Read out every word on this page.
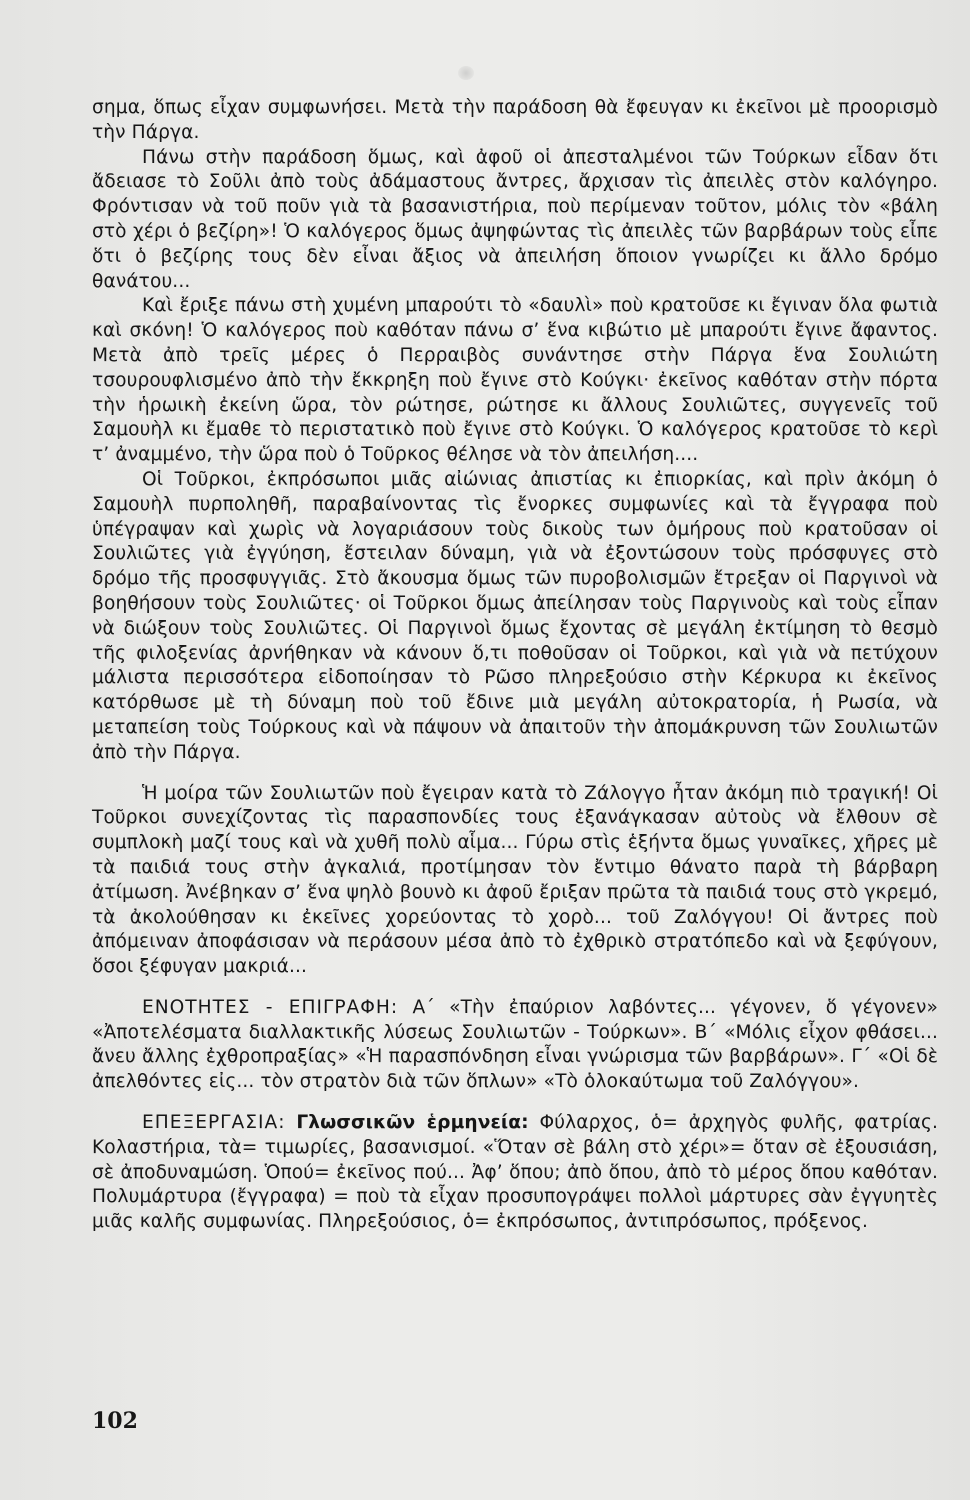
σημα, ὅπως εἶχαν συμφωνήσει. Μετὰ τὴν παράδοση θὰ ἔφευγαν κι ἐκεῖνοι μὲ προορισμὸ τὴν Πάργα.

Πάνω στὴν παράδοση ὅμως, καὶ ἀφοῦ οἱ ἀπεσταλμένοι τῶν Τούρκων εἶδαν ὅτι ἄδειασε τὸ Σοῦλι ἀπὸ τοὺς ἀδάμαστους ἄντρες, ἄρχισαν τὶς ἀπειλὲς στὸν καλόγηρο. Φρόντισαν νὰ τοῦ ποῦν γιὰ τὰ βασανιστήρια, ποὺ περίμεναν τοῦτον, μόλις τὸν «βάλη στὸ χέρι ὁ βεζίρη»! Ὁ καλόγερος ὅμως ἀψηφώντας τὶς ἀπειλὲς τῶν βαρβάρων τοὺς εἶπε ὅτι ὁ βεζίρης τους δὲν εἶναι ἄξιος νὰ ἀπειλήση ὅποιον γνωρίζει κι ἄλλο δρόμο θανάτου...

Καὶ ἔριξε πάνω στὴ χυμένη μπαρούτι τὸ «δαυλὶ» ποὺ κρατοῦσε κι ἔγιναν ὅλα φωτιὰ καὶ σκόνη! Ὁ καλόγερος ποὺ καθόταν πάνω σ’ ἕνα κιβώτιο μὲ μπαρούτι ἔγινε ἄφαντος. Μετὰ ἀπὸ τρεῖς μέρες ὁ Περραιβὸς συνάντησε στὴν Πάργα ἕνα Σουλιώτη τσουρουφλισμένο ἀπὸ τὴν ἔκκρηξη ποὺ ἔγινε στὸ Κούγκι· ἐκεῖνος καθόταν στὴν πόρτα τὴν ἡρωικὴ ἐκείνη ὥρα, τὸν ρώτησε, ρώτησε κι ἄλλους Σουλιῶτες, συγγενεῖς τοῦ Σαμουὴλ κι ἔμαθε τὸ περιστατικὸ ποὺ ἔγινε στὸ Κούγκι. Ὁ καλόγερος κρατοῦσε τὸ κερὶ τ’ ἀναμμένο, τὴν ὥρα ποὺ ὁ Τοῦρκος θέλησε νὰ τὸν ἀπειλήση....

Οἱ Τοῦρκοι, ἐκπρόσωποι μιᾶς αἰώνιας ἀπιστίας κι ἐπιορκίας, καὶ πρὶν ἀκόμη ὁ Σαμουὴλ πυρποληθῆ, παραβαίνοντας τὶς ἔνορκες συμφωνίες καὶ τὰ ἔγγραφα ποὺ ὑπέγραψαν καὶ χωρὶς νὰ λογαριάσουν τοὺς δικοὺς των ὁμήρους ποὺ κρατοῦσαν οἱ Σουλιῶτες γιὰ ἐγγύηση, ἔστειλαν δύναμη, γιὰ νὰ ἐξοντώσουν τοὺς πρόσφυγες στὸ δρόμο τῆς προσφυγγιᾶς. Στὸ ἄκουσμα ὅμως τῶν πυροβολισμῶν ἔτρεξαν οἱ Παργινοὶ νὰ βοηθήσουν τοὺς Σουλιῶτες· οἱ Τοῦρκοι ὅμως ἀπείλησαν τοὺς Παργινοὺς καὶ τοὺς εἶπαν νὰ διώξουν τοὺς Σουλιῶτες. Οἱ Παργινοὶ ὅμως ἔχοντας σὲ μεγάλη ἐκτίμηση τὸ θεσμὸ τῆς φιλοξενίας ἀρνήθηκαν νὰ κάνουν ὅ,τι ποθοῦσαν οἱ Τοῦρκοι, καὶ γιὰ νὰ πετύχουν μάλιστα περισσότερα εἰδοποίησαν τὸ Ρῶσο πληρεξούσιο στὴν Κέρκυρα κι ἐκεῖνος κατόρθωσε μὲ τὴ δύναμη ποὺ τοῦ ἔδινε μιὰ μεγάλη αὐτοκρατορία, ἡ Ρωσία, νὰ μεταπείση τοὺς Τούρκους καὶ νὰ πάψουν νὰ ἀπαιτοῦν τὴν ἀπομάκρυνση τῶν Σουλιωτῶν ἀπὸ τὴν Πάργα.

Ἡ μοίρα τῶν Σουλιωτῶν ποὺ ἔγειραν κατὰ τὸ Ζάλογγο ἦταν ἀκόμη πιὸ τραγική! Οἱ Τοῦρκοι συνεχίζοντας τὶς παρασπονδίες τους ἐξανάγκασαν αὐτοὺς νὰ ἔλθουν σὲ συμπλοκὴ μαζί τους καὶ νὰ χυθῆ πολὺ αἷμα... Γύρω στὶς ἑξήντα ὅμως γυναῖκες, χῆρες μὲ τὰ παιδιά τους στὴν ἀγκαλιά, προτίμησαν τὸν ἔντιμο θάνατο παρὰ τὴ βάρβαρη ἀτίμωση. Ἀνέβηκαν σ’ ἕνα ψηλὸ βουνὸ κι ἀφοῦ ἔριξαν πρῶτα τὰ παιδιά τους στὸ γκρεμό, τὰ ἀκολούθησαν κι ἐκεῖνες χορεύοντας τὸ χορὸ... τοῦ Ζαλόγγου! Οἱ ἄντρες ποὺ ἀπόμειναν ἀποφάσισαν νὰ περάσουν μέσα ἀπὸ τὸ ἐχθρικὸ στρατόπεδο καὶ νὰ ξεφύγουν, ὅσοι ξέφυγαν μακριά...

ΕΝΟΤΗΤΕΣ - ΕΠΙΓΡΑΦΗ: Α΄ «Τὴν ἐπαύριον λαβόντες... γέγονεν, ὅ γέγονεν» «Ἀποτελέσματα διαλλακτικῆς λύσεως Σουλιωτῶν - Τούρκων». Β΄ «Μόλις εἶχον φθάσει... ἄνευ ἄλλης ἐχθροπραξίας» «Ἡ παρασπόνδηση εἶναι γνώρισμα τῶν βαρβάρων». Γ΄ «Οἱ δὲ ἀπελθόντες εἰς... τὸν στρατὸν διὰ τῶν ὅπλων» «Τὸ ὁλοκαύτωμα τοῦ Ζαλόγγου».

ΕΠΕΞΕΡΓΑΣΙΑ: Γλωσσικῶν ἑρμηνεία: Φύλαρχος, ὁ= ἀρχηγὸς φυλῆς, φατρίας. Κολαστήρια, τὰ= τιμωρίες, βασανισμοί. «Ὅταν σὲ βάλη στὸ χέρι»= ὅταν σὲ ἐξουσιάση, σὲ ἀποδυναμώση. Ὁπού= ἐκεῖνος πού... Ἀφ’ ὅπου; ἀπὸ ὅπου, ἀπὸ τὸ μέρος ὅπου καθόταν. Πολυμάρτυρα (ἔγγραφα) = ποὺ τὰ εἶχαν προσυπογράψει πολλοὶ μάρτυρες σὰν ἐγγυητὲς μιᾶς καλῆς συμφωνίας. Πληρεξούσιος, ὁ= ἐκπρόσωπος, ἀντιπρόσωπος, πρόξενος.

102
